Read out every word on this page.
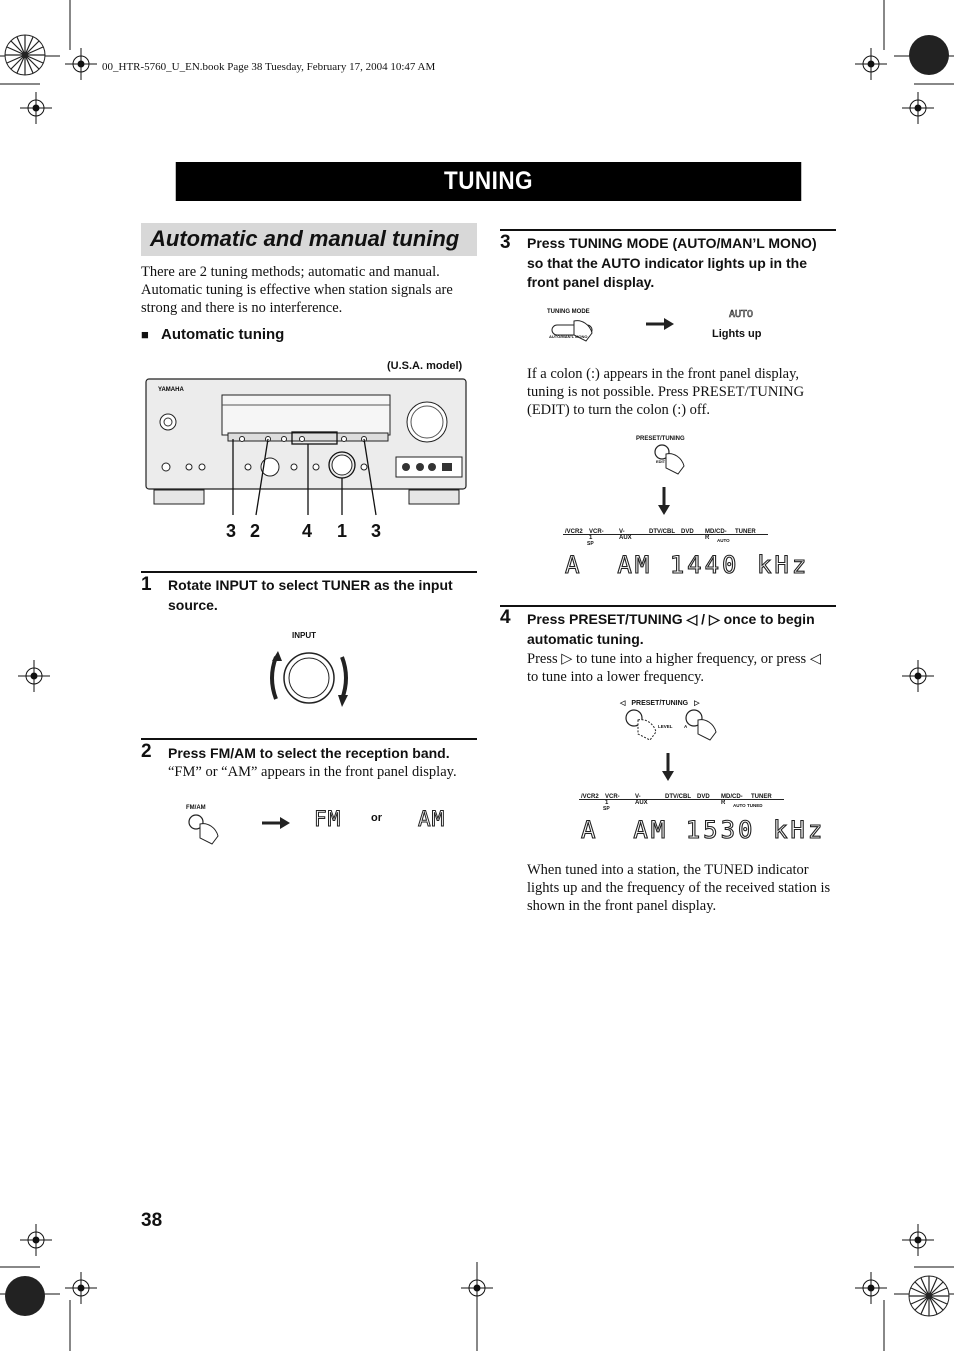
00_HTR-5760_U_EN.book Page 38 Tuesday, February 17, 2004 10:47 AM
TUNING
Automatic and manual tuning
There are 2 tuning methods; automatic and manual. Automatic tuning is effective when station signals are strong and there is no interference.
■ Automatic tuning
(U.S.A. model)
YAMAHA
3 2 4 1 3
1 Rotate INPUT to select TUNER as the input source.
INPUT
2 Press FM/AM to select the reception band.
“FM” or “AM” appears in the front panel display.
FM/AM	FM	or AM
3 Press TUNING MODE (AUTO/MAN’L MONO) so that the AUTO indicator lights up in the front panel display.
TUNING MODE
AUTO/MAN’L MONO
AUTO
Lights up
If a colon (:) appears in the front panel display, tuning is not possible. Press PRESET/TUNING (EDIT) to turn the colon (:) off.
PRESET/TUNING
EDIT
/VCR2 VCR-1
V-AUX
DTV/CBL DVD MD/CD-R
TUNER
SP
AUTO
A  AM 1440 kHz
4 Press PRESET/TUNING ◁ / ▷ once to begin automatic tuning.
Press ▷ to tune into a higher frequency, or press ◁ to tune into a lower frequency.
◁ PRESET/TUNING ▷
LEVEL	A
/VCR2 VCR-1
V-AUX
DTV/CBL DVD MD/CD-R
TUNER
SP
AUTO TUNED
A  AM 1530 kHz
When tuned into a station, the TUNED indicator lights up and the frequency of the received station is shown in the front panel display.
38
